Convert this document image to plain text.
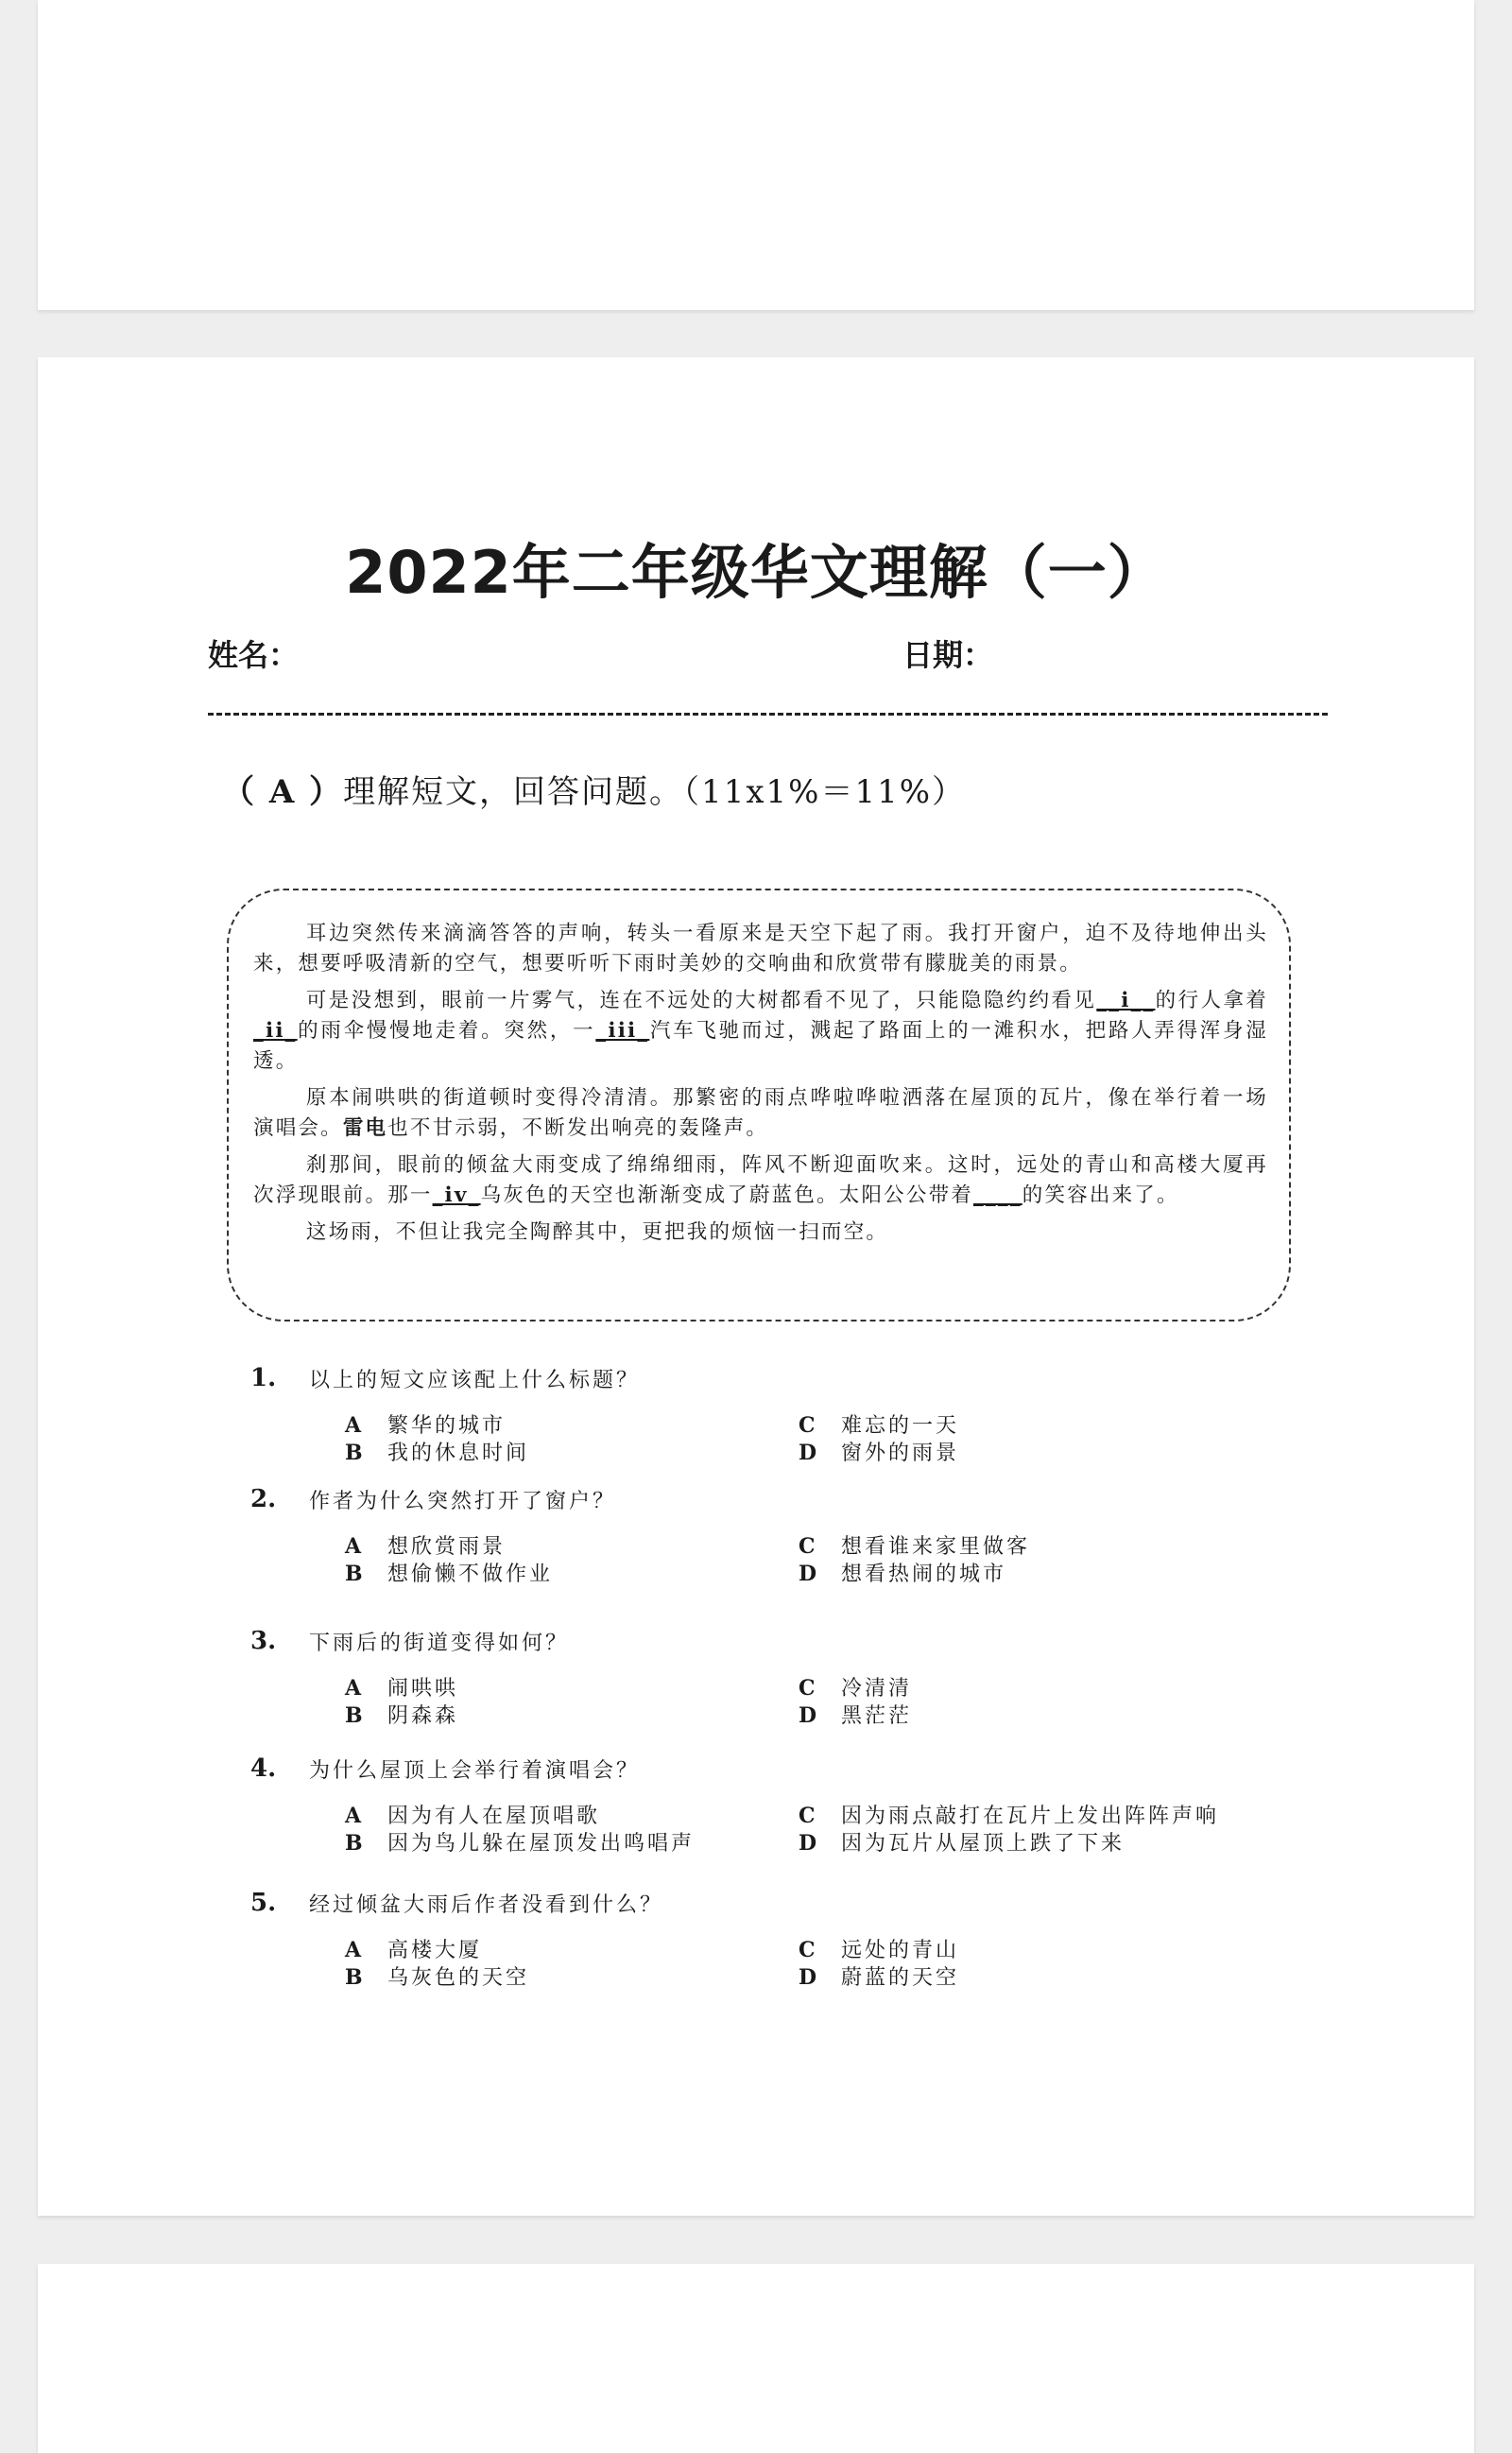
2022年二年级华文理解（一）
姓名：	日期：
（ A ）理解短文，回答问题。（11x1%＝11%）

耳边突然传来滴滴答答的声响，转头一看原来是天空下起了雨。我打开窗户，迫不及待地伸出头来，想要呼吸清新的空气，想要听听下雨时美妙的交响曲和欣赏带有朦胧美的雨景。

可是没想到，眼前一片雾气，连在不远处的大树都看不见了，只能隐隐约约看见__i__的行人拿着_ii_的雨伞慢慢地走着。突然，一_iii_汽车飞驰而过，溅起了路面上的一滩积水，把路人弄得浑身湿透。

原本闹哄哄的街道顿时变得冷清清。那繁密的雨点哗啦哗啦洒落在屋顶的瓦片，像在举行着一场演唱会。雷电也不甘示弱，不断发出响亮的轰隆声。

刹那间，眼前的倾盆大雨变成了绵绵细雨，阵风不断迎面吹来。这时，远处的青山和高楼大厦再次浮现眼前。那一_iv_乌灰色的天空也渐渐变成了蔚蓝色。太阳公公带着____的笑容出来了。

这场雨，不但让我完全陶醉其中，更把我的烦恼一扫而空。

1. 以上的短文应该配上什么标题？
A 繁华的城市
B 我的休息时间
C 难忘的一天
D 窗外的雨景
2. 作者为什么突然打开了窗户？
A 想欣赏雨景
B 想偷懒不做作业
C 想看谁来家里做客
D 想看热闹的城市
3. 下雨后的街道变得如何？
A 闹哄哄
B 阴森森
C 冷清清
D 黑茫茫
4. 为什么屋顶上会举行着演唱会？
A 因为有人在屋顶唱歌
B 因为鸟儿躲在屋顶发出鸣唱声
C 因为雨点敲打在瓦片上发出阵阵声响
D 因为瓦片从屋顶上跌了下来
5. 经过倾盆大雨后作者没看到什么？
A 高楼大厦
B 乌灰色的天空
C 远处的青山
D 蔚蓝的天空
